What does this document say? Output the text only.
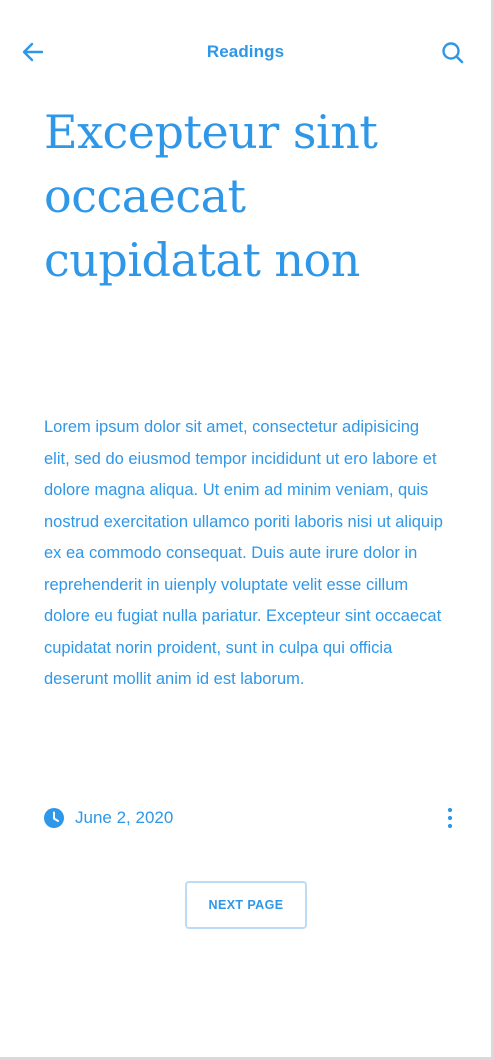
Readings
Excepteur sint occaecat cupidatat non

Lorem ipsum dolor sit amet, consectetur adipisicing elit, sed do eiusmod tempor incididunt ut ero labore et dolore magna aliqua. Ut enim ad minim veniam, quis nostrud exercitation ullamco poriti laboris nisi ut aliquip ex ea commodo consequat. Duis aute irure dolor in reprehenderit in uienply voluptate velit esse cillum dolore eu fugiat nulla pariatur. Excepteur sint occaecat cupidatat norin proident, sunt in culpa qui officia deserunt mollit anim id est laborum.

June 2, 2020
NEXT PAGE
